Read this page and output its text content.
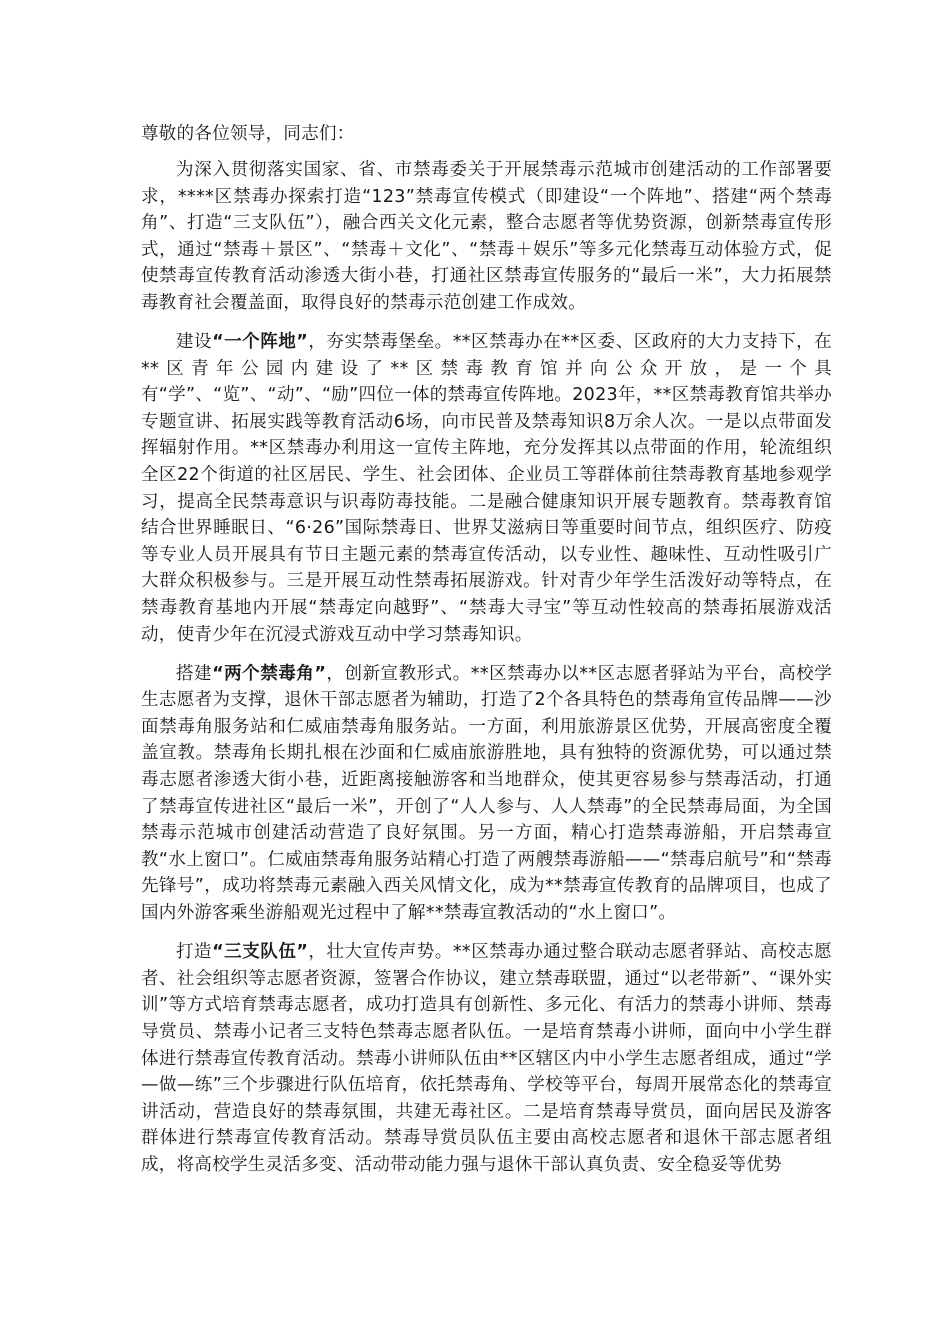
尊敬的各位领导，同志们：

为深入贯彻落实国家、省、市禁毒委关于开展禁毒示范城市创建活动的工作部署要求，****区禁毒办探索打造“123”禁毒宣传模式（即建设“一个阵地”、搭建“两个禁毒角”、打造“三支队伍”），融合西关文化元素，整合志愿者等优势资源，创新禁毒宣传形式，通过“禁毒＋景区”、“禁毒＋文化”、“禁毒＋娱乐”等多元化禁毒互动体验方式，促使禁毒宣传教育活动渗透大街小巷，打通社区禁毒宣传服务的“最后一米”，大力拓展禁毒教育社会覆盖面，取得良好的禁毒示范创建工作成效。

建设“一个阵地”，夯实禁毒堡垒。**区禁毒办在**区委、区政府的大力支持下，在**区青年公园内建设了**区禁毒教育馆并向公众开放，是一个具有“学”、“览”、“动”、“励”四位一体的禁毒宣传阵地。2023年，**区禁毒教育馆共举办专题宣讲、拓展实践等教育活动6场，向市民普及禁毒知识8万余人次。一是以点带面发挥辐射作用。**区禁毒办利用这一宣传主阵地，充分发挥其以点带面的作用，轮流组织全区22个街道的社区居民、学生、社会团体、企业员工等群体前往禁毒教育基地参观学习，提高全民禁毒意识与识毒防毒技能。二是融合健康知识开展专题教育。禁毒教育馆结合世界睡眠日、“6·26”国际禁毒日、世界艾滋病日等重要时间节点，组织医疗、防疫等专业人员开展具有节日主题元素的禁毒宣传活动，以专业性、趣味性、互动性吸引广大群众积极参与。三是开展互动性禁毒拓展游戏。针对青少年学生活泼好动等特点，在禁毒教育基地内开展“禁毒定向越野”、“禁毒大寻宝”等互动性较高的禁毒拓展游戏活动，使青少年在沉浸式游戏互动中学习禁毒知识。

搭建“两个禁毒角”，创新宣教形式。**区禁毒办以**区志愿者驿站为平台，高校学生志愿者为支撑，退休干部志愿者为辅助，打造了2个各具特色的禁毒角宣传品牌——沙面禁毒角服务站和仁威庙禁毒角服务站。一方面，利用旅游景区优势，开展高密度全覆盖宣教。禁毒角长期扎根在沙面和仁威庙旅游胜地，具有独特的资源优势，可以通过禁毒志愿者渗透大街小巷，近距离接触游客和当地群众，使其更容易参与禁毒活动，打通了禁毒宣传进社区“最后一米”，开创了“人人参与、人人禁毒”的全民禁毒局面，为全国禁毒示范城市创建活动营造了良好氛围。另一方面，精心打造禁毒游船，开启禁毒宣教“水上窗口”。仁威庙禁毒角服务站精心打造了两艘禁毒游船——“禁毒启航号”和“禁毒先锋号”，成功将禁毒元素融入西关风情文化，成为**禁毒宣传教育的品牌项目，也成了国内外游客乘坐游船观光过程中了解**禁毒宣教活动的“水上窗口”。

打造“三支队伍”，壮大宣传声势。**区禁毒办通过整合联动志愿者驿站、高校志愿者、社会组织等志愿者资源，签署合作协议，建立禁毒联盟，通过“以老带新”、“课外实训”等方式培育禁毒志愿者，成功打造具有创新性、多元化、有活力的禁毒小讲师、禁毒导赏员、禁毒小记者三支特色禁毒志愿者队伍。一是培育禁毒小讲师，面向中小学生群体进行禁毒宣传教育活动。禁毒小讲师队伍由**区辖区内中小学生志愿者组成，通过“学—做—练”三个步骤进行队伍培育，依托禁毒角、学校等平台，每周开展常态化的禁毒宣讲活动，营造良好的禁毒氛围，共建无毒社区。二是培育禁毒导赏员，面向居民及游客群体进行禁毒宣传教育活动。禁毒导赏员队伍主要由高校志愿者和退休干部志愿者组成，将高校学生灵活多变、活动带动能力强与退休干部认真负责、安全稳妥等优势
